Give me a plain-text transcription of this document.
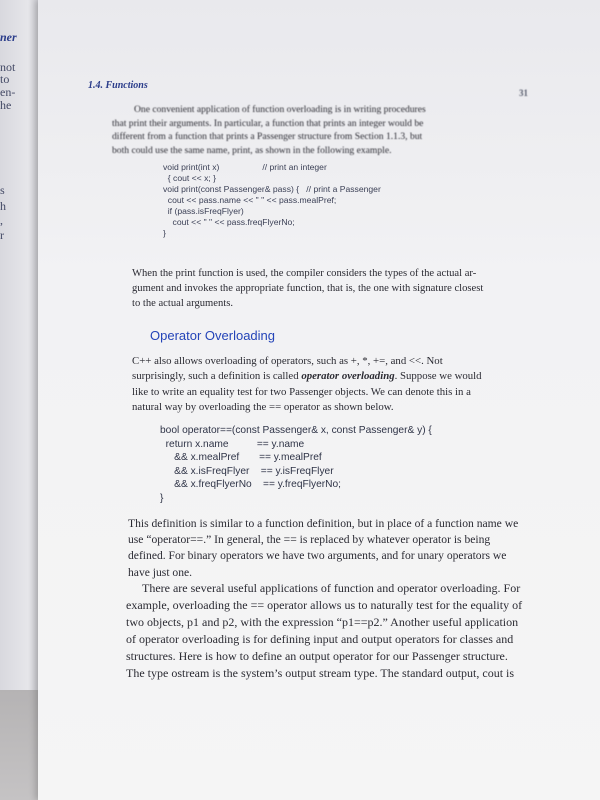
ner
not
to
en-
he
s
h
,
r
1.4. Functions
31
One convenient application of function overloading is in writing procedures
that print their arguments. In particular, a function that prints an integer would be
different from a function that prints a Passenger structure from Section 1.1.3, but
both could use the same name, print, as shown in the following example.
void print(int x)                  // print an integer
{ cout << x; }
void print(const Passenger& pass) {   // print a Passenger
cout << pass.name << " " << pass.mealPref;
if (pass.isFreqFlyer)
cout << " " << pass.freqFlyerNo;
}
When the print function is used, the compiler considers the types of the actual ar-
gument and invokes the appropriate function, that is, the one with signature closest
to the actual arguments.
Operator Overloading
C++ also allows overloading of operators, such as +, *, +=, and <<. Not
surprisingly, such a definition is called operator overloading. Suppose we would
like to write an equality test for two Passenger objects. We can denote this in a
natural way by overloading the == operator as shown below.
bool operator==(const Passenger& x, const Passenger& y) {
return x.name          == y.name
&& x.mealPref       == y.mealPref
&& x.isFreqFlyer    == y.isFreqFlyer
&& x.freqFlyerNo    == y.freqFlyerNo;
}
This definition is similar to a function definition, but in place of a function name we
use “operator==.” In general, the == is replaced by whatever operator is being
defined. For binary operators we have two arguments, and for unary operators we
have just one.
There are several useful applications of function and operator overloading. For
example, overloading the == operator allows us to naturally test for the equality of
two objects, p1 and p2, with the expression “p1==p2.” Another useful application
of operator overloading is for defining input and output operators for classes and
structures. Here is how to define an output operator for our Passenger structure.
The type ostream is the system’s output stream type. The standard output, cout is
